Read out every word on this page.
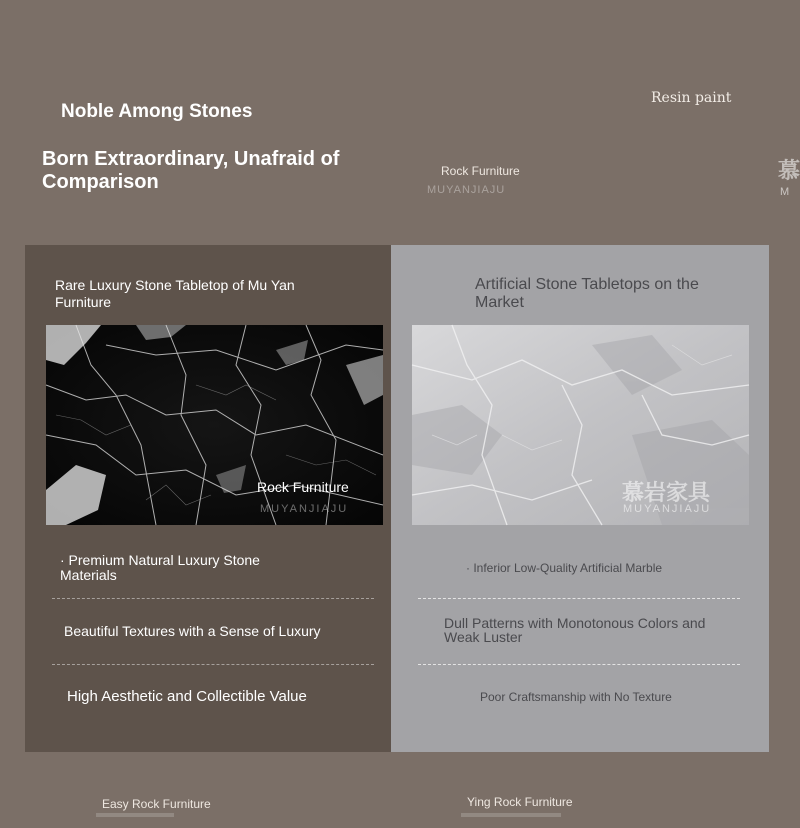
Noble Among Stones
Born Extraordinary, Unafraid of Comparison
Resin paint
Rock Furniture
MUYANJIAJU
慕
M
Rare Luxury Stone Tabletop of Mu Yan Furniture
Artificial Stone Tabletops on the Market
Rock Furniture
MUYANJIAJU
慕岩家具
MUYANJIAJU
· Premium Natural Luxury Stone Materials
Beautiful Textures with a Sense of Luxury
High Aesthetic and Collectible Value
· Inferior Low-Quality Artificial Marble
Dull Patterns with Monotonous Colors and Weak Luster
Poor Craftsmanship with No Texture
Easy Rock Furniture	Ying Rock Furniture
